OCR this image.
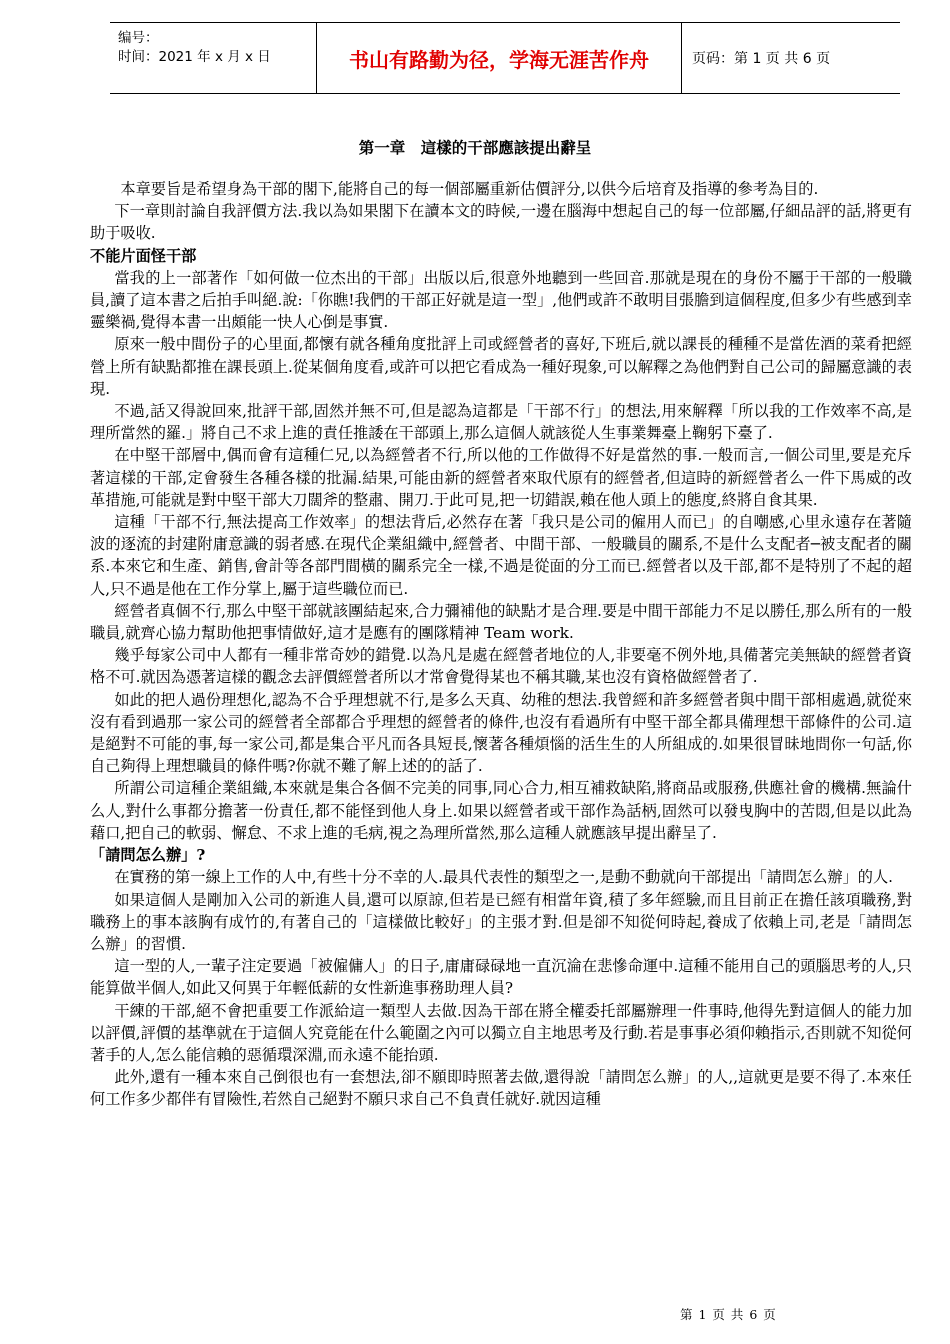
编号：
时间：2021 年 x 月 x 日	书山有路勤为径，学海无涯苦作舟	页码：第 1 页 共 6 页
第一章　這樣的干部應該提出辭呈

本章要旨是希望身為干部的閣下,能將自己的每一個部屬重新估價評分,以供今后培育及指導的參考為目的.

下一章則討論自我評價方法.我以為如果閣下在讀本文的時候,一邊在腦海中想起自己的每一位部屬,仔細品評的話,將更有助于吸收.

不能片面怪干部

當我的上一部著作「如何做一位杰出的干部」出版以后,很意外地聽到一些回音.那就是現在的身份不屬于干部的一般職員,讀了這本書之后拍手叫絕.說:「你瞧!我們的干部正好就是這一型」,他們或許不敢明目張膽到這個程度,但多少有些感到幸靈樂禍,覺得本書一出頗能一快人心倒是事實.

原來一般中間份子的心里面,都懷有就各種角度批評上司或經營者的喜好,下班后,就以課長的種種不是當佐酒的菜肴把經營上所有缺點都推在課長頭上.從某個角度看,或許可以把它看成為一種好現象,可以解釋之為他們對自己公司的歸屬意識的表現.

不過,話又得說回來,批評干部,固然并無不可,但是認為這都是「干部不行」的想法,用來解釋「所以我的工作效率不高,是理所當然的羅.」將自己不求上進的責任推諉在干部頭上,那么這個人就該從人生事業舞臺上鞠躬下臺了.

在中堅干部層中,偶而會有這種仁兄,以為經營者不行,所以他的工作做得不好是當然的事.一般而言,一個公司里,要是充斥著這樣的干部,定會發生各種各樣的批漏.結果,可能由新的經營者來取代原有的經營者,但這時的新經營者么一件下馬威的改革措施,可能就是對中堅干部大刀闊斧的整肅、開刀.于此可見,把一切錯誤,賴在他人頭上的態度,終將自食其果.

這種「干部不行,無法提高工作效率」的想法背后,必然存在著「我只是公司的僱用人而已」的自嘲感,心里永遠存在著隨波的逐流的封建附庸意識的弱者感.在現代企業組織中,經營者、中間干部、一般職員的關系,不是什么支配者─被支配者的關系.本來它和生產、銷售,會計等各部門間橫的關系完全一樣,不過是從面的分工而已.經營者以及干部,都不是特別了不起的超人,只不過是他在工作分掌上,屬于這些職位而已.

經營者真個不行,那么中堅干部就該團結起來,合力彌補他的缺點才是合理.要是中間干部能力不足以勝任,那么所有的一般職員,就齊心協力幫助他把事情做好,這才是應有的團隊精神 Team work.

幾乎每家公司中人都有一種非常奇妙的錯覺.以為凡是處在經營者地位的人,非要毫不例外地,具備著完美無缺的經營者資格不可.就因為憑著這樣的觀念去評價經營者所以才常會覺得某也不稱其職,某也沒有資格做經營者了.

如此的把人過份理想化,認為不合乎理想就不行,是多么天真、幼稚的想法.我曾經和許多經營者與中間干部相處過,就從來沒有看到過那一家公司的經營者全部都合乎理想的經營者的條件,也沒有看過所有中堅干部全都具備理想干部條件的公司.這是絕對不可能的事,每一家公司,都是集合平凡而各具短長,懷著各種煩惱的活生生的人所組成的.如果很冒昧地問你一句話,你自己夠得上理想職員的條件嗎?你就不難了解上述的的話了.

所謂公司這種企業組織,本來就是集合各個不完美的同事,同心合力,相互補救缺陷,將商品或服務,供應社會的機構.無論什么人,對什么事都分擔著一份責任,都不能怪到他人身上.如果以經營者或干部作為話柄,固然可以發曳胸中的苦悶,但是以此為藉口,把自己的軟弱、懈怠、不求上進的毛病,視之為理所當然,那么這種人就應該早提出辭呈了.

「請問怎么辦」?

在實務的第一線上工作的人中,有些十分不幸的人.最具代表性的類型之一,是動不動就向干部提出「請問怎么辦」的人.

如果這個人是剛加入公司的新進人員,還可以原諒,但若是已經有相當年資,積了多年經驗,而且目前正在擔任該項職務,對職務上的事本該胸有成竹的,有著自己的「這樣做比較好」的主張才對.但是卻不知從何時起,養成了依賴上司,老是「請問怎么辦」的習慣.

這一型的人,一輩子注定要過「被僱傭人」的日子,庸庸碌碌地一直沉淪在悲慘命運中.這種不能用自己的頭腦思考的人,只能算做半個人,如此又何異于年輕低薪的女性新進事務助理人員?

干練的干部,絕不會把重要工作派給這一類型人去做.因為干部在將全權委托部屬辦理一件事時,他得先對這個人的能力加以評價,評價的基準就在于這個人究竟能在什么範圍之內可以獨立自主地思考及行動.若是事事必須仰賴指示,否則就不知從何著手的人,怎么能信賴的惡循環深淵,而永遠不能抬頭.

此外,還有一種本來自己倒很也有一套想法,卻不願即時照著去做,還得說「請問怎么辦」的人,,這就更是要不得了.本來任何工作多少都伴有冒險性,若然自己絕對不願只求自己不負責任就好.就因這種

第 1 页 共 6 页
